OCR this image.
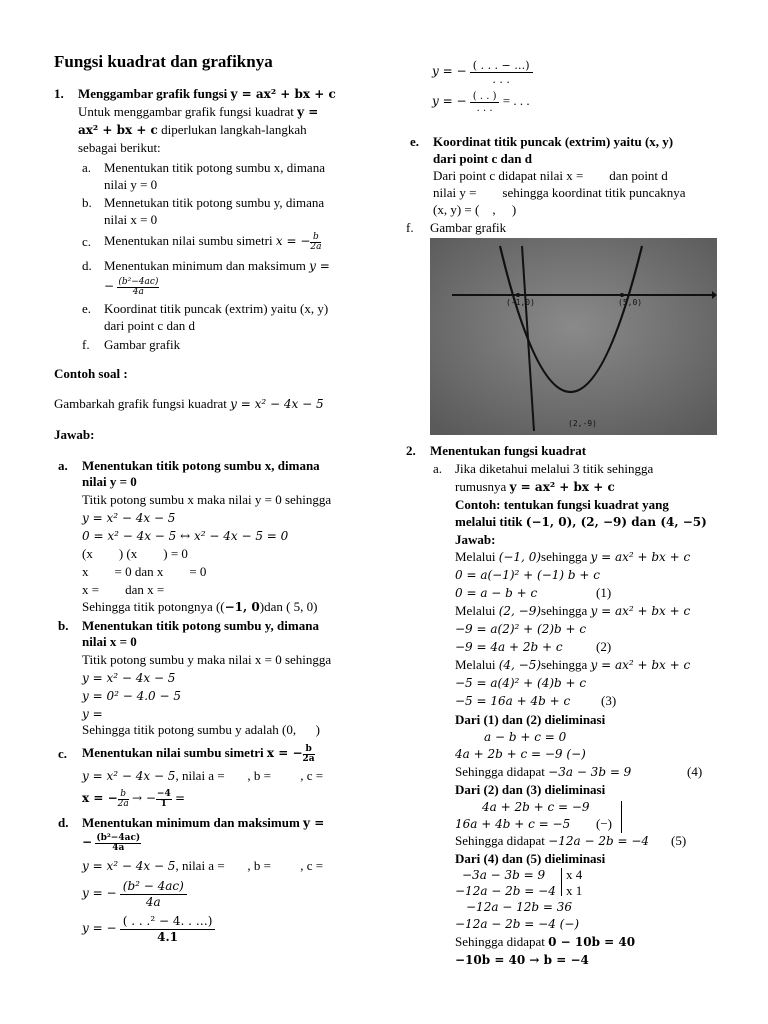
Fungsi kuadrat dan grafiknya
1. Menggambar grafik fungsi y = ax² + bx + c
Untuk menggambar grafik fungsi kuadrat y =
ax² + bx + c diperlukan langkah-langkah
sebagai berikut:
a. Menentukan titik potong sumbu x, dimana
nilai y = 0
b. Mennetukan titik potong sumbu y, dimana
nilai x = 0
c. Menentukan nilai sumbu simetri x = − $\frac{b}{2a}$
d. Menentukan minimum dan maksimum y =
− $\frac{\text{(b²−4ac)}}{4a}$
e. Koordinat titik puncak (extrim) yaitu (x, y)
dari point c dan d
f. Gambar grafik
Contoh soal :
Gambarkah grafik fungsi kuadrat y = x² − 4x − 5
Jawab:
a. Menentukan titik potong sumbu x, dimana
nilai y = 0
Titik potong sumbu x maka nilai y = 0 sehingga
y = x² − 4x − 5
0 = x² − 4x − 5 ↔ x² − 4x − 5 = 0
(x        ) (x        ) = 0
x        = 0 dan x        = 0
x =        dan x =
Sehingga titik potongnya ((−1, 0)dan ( 5, 0)
b. Menentukan titik potong sumbu y, dimana
nilai x = 0
Titik potong sumbu y maka nilai x = 0 sehingga
y = x² − 4x − 5
y = 0² − 4.0 − 5
y =
Sehingga titik potong sumbu y adalah (0,      )
c. Menentukan nilai sumbu simetri x = − $\frac{b}{2a}$
y = x² − 4x − 5, nilai a =       , b =         , c =
x = − $\frac{b}{2a}$ → − $\frac{-4}{1}$ =
d. Menentukan minimum dan maksimum y =
− $\frac{\text{(b²−4ac)}}{4a}$
y = x² − 4x − 5, nilai a =       , b =         , c =
y = − $\frac{\text{(b² − 4ac)}}{4a}$
y = − $\frac{\text{( . . .² − 4. . …)}}{4.1}$
y = − ( . . . − …)
. . .
y = − ( . . )
. . .
= . . .
e. Koordinat titik puncak (extrim) yaitu (x, y)
dari point c dan d
Dari point c didapat nilai x =        dan point d
nilai y =        sehingga koordinat titik puncaknya
(x, y) = (    ,     )
f. Gambar grafik
(-1,0)	(5,0)
(2,-9)
2. Menentukan fungsi kuadrat
a. Jika diketahui melalui 3 titik sehingga
rumusnya y = ax² + bx + c
Contoh: tentukan fungsi kuadrat yang
melalui titik (−1, 0), (2, −9) dan (4, −5)
Jawab:
Melalui (−1, 0)sehingga y = ax² + bx + c
0 = a(−1)² + (−1) b + c
0 = a − b + c	(1)
Melalui (2, −9)sehingga y = ax² + bx + c
−9 = a(2)² + (2)b + c
−9 = 4a + 2b + c	(2)
Melalui (4, −5)sehingga y = ax² + bx + c
−5 = a(4)² + (4)b + c
−5 = 16a + 4b + c (3)
Dari (1) dan (2) dieliminasi
a − b + c = 0
4a + 2b + c = −9 (−)
Sehingga didapat −3a − 3b = 9	(4)
Dari (2) dan (3) dieliminasi
4a + 2b + c = −9
16a + 4b + c = −5 (−)
Sehingga didapat −12a − 2b = −4 (5)
Dari (4) dan (5) dieliminasi
−3a − 3b = 9 x 4
−12a − 2b = −4 x 1
−12a − 12b = 36
−12a − 2b = −4 (−)
Sehingga didapat 0 − 10b = 40
−10b = 40 → b = −4
